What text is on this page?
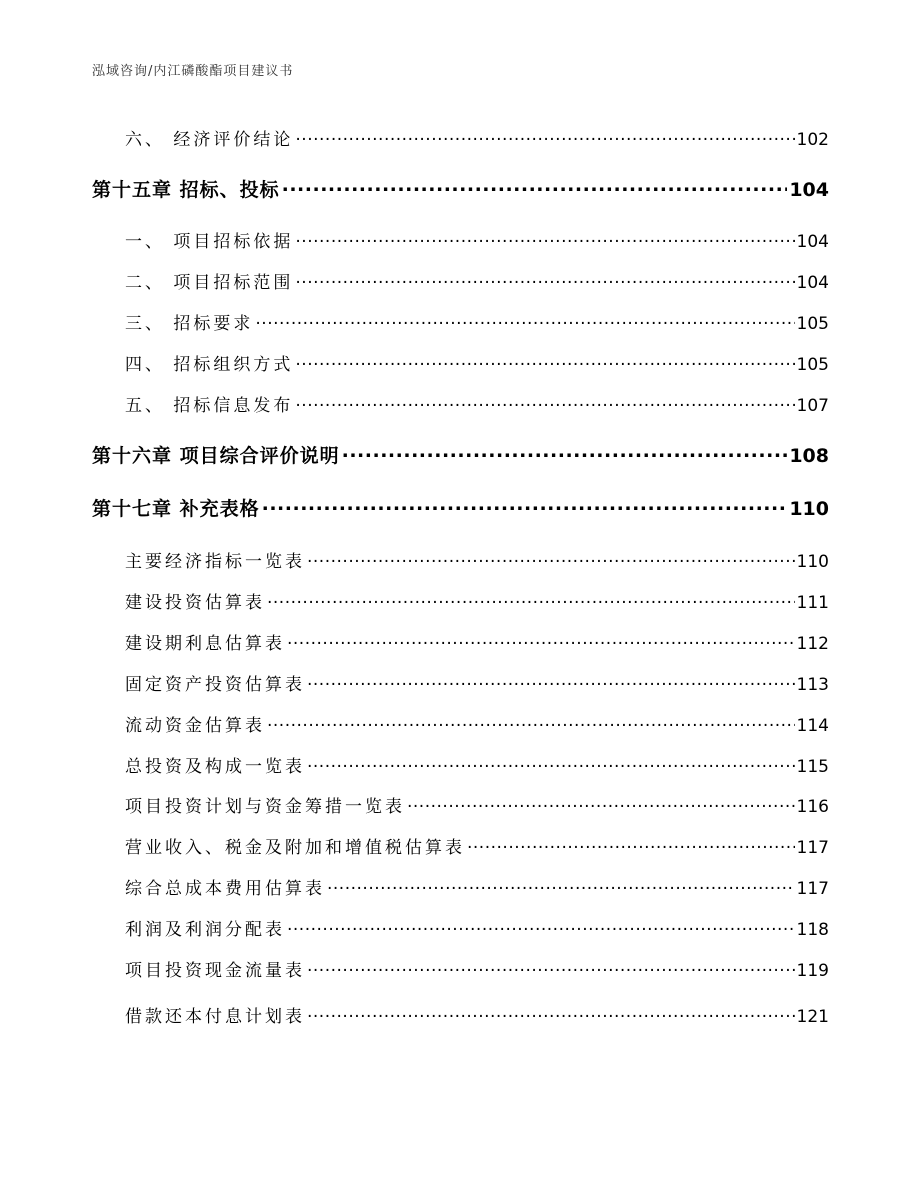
泓域咨询/内江磷酸酯项目建议书
六、 经济评价结论 .....	102
第十五章 招标、投标 .....	104
一、 项目招标依据 .....	104
二、 项目招标范围 .....	104
三、 招标要求 .....	105
四、 招标组织方式 .....	105
五、 招标信息发布 .....	107
第十六章 项目综合评价说明 .....	108
第十七章 补充表格 .....	110
主要经济指标一览表 .....	110
建设投资估算表 .....	111
建设期利息估算表 .....	112
固定资产投资估算表 .....	113
流动资金估算表 .....	114
总投资及构成一览表 .....	115
项目投资计划与资金筹措一览表 .....	116
营业收入、税金及附加和增值税估算表 .....	117
综合总成本费用估算表 .....	117
利润及利润分配表 .....	118
项目投资现金流量表 .....	119
借款还本付息计划表 .....	121
